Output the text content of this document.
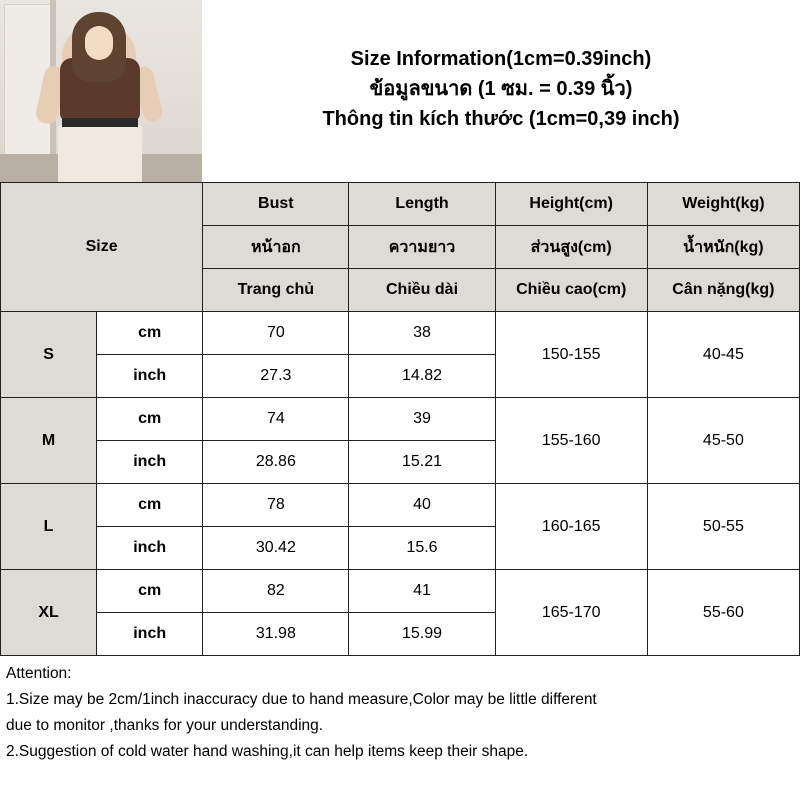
Size Information(1cm=0.39inch)
ข้อมูลขนาด (1 ซม. = 0.39 นิ้ว)
Thông tin kích thước (1cm=0,39 inch)
Size		Bust	Length	Height(cm)	Weight(kg)
		หน้าอก	ความยาว	ส่วนสูง(cm)	น้ำหนัก(kg)
		Trang chủ	Chiều dài	Chiều cao(cm)	Cân nặng(kg)
S	cm	70	38	150-155	40-45
	inch	27.3	14.82		
M	cm	74	39	155-160	45-50
	inch	28.86	15.21		
L	cm	78	40	160-165	50-55
	inch	30.42	15.6		
XL	cm	82	41	165-170	55-60
	inch	31.98	15.99		

Attention:

1.Size may be 2cm/1inch inaccuracy due to hand measure,Color may be little different

due to monitor ,thanks for your understanding.

2.Suggestion of cold water hand washing,it can help items keep their shape.
